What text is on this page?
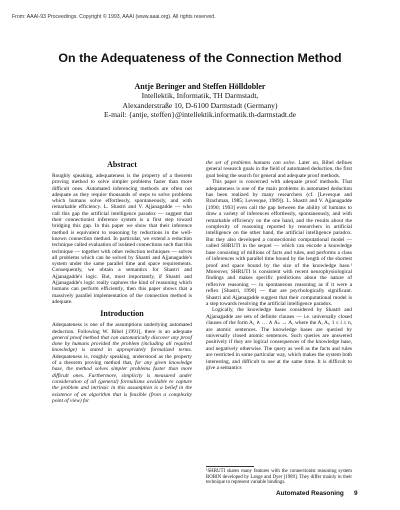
From: AAAI-93 Proceedings. Copyright © 1993, AAAI (www.aaai.org). All rights reserved.
On the Adequateness of the Connection Method
Antje Beringer and Steffen Hölldobler
Intellektik, Informatik, TH Darmstadt,
Alexanderstraße 10, D-6100 Darmstadt (Germany)
E-mail: {antje, steffen}@intellektik.informatik.th-darmstadt.de
Abstract

Roughly speaking, adequateness is the property of a theorem proving method to solve simpler problems faster than more difficult ones. Automated inferencing methods are often not adequate as they require thousands of steps to solve problems which humans solve effortlessly, spontaneously, and with remarkable efficiency. L. Shastri and V. Ajjanagadde — who call this gap the artificial intelligence paradox — suggest that their connectionist inference system is a first step toward bridging this gap. In this paper we show that their inference method is equivalent to reasoning by reductions in the well-known connection method. In particular, we extend a reduction technique called evaluation of isolated connections such that this technique — together with other reduction techniques — solves all problems which can be solved by Shastri and Ajjanagadde's system under the same parallel time and space requirements. Consequently, we obtain a semantics for Shastri and Ajjanagadde's logic. But, most importantly, if Shastri and Ajjanagadde's logic really captures the kind of reasoning which humans can perform efficiently, then this paper shows that a massively parallel implementation of the connection method is adequate.

Introduction

Adequateness is one of the assumptions underlying automated deduction. Following W. Bibel [1991], there is an adequate general proof method that can automatically discover any proof done by humans provided the problem (including all required knowledge) is stated in appropriately formalized terms. Adequateness is, roughly speaking, understood as the property of a theorem proving method that, for any given knowledge base, the method solves simpler problems faster than more difficult ones. Furthermore, simplicity is measured under consideration of all (general) formalisms available to capture the problem and intrinsic in this assumption is a belief in the existence of an algorithm that is feasible (from a complexity point of view) for

the set of problems humans can solve. Later on, Bibel defines general research goals in the field of automated deduction, the first goal being the search for general and adequate proof methods.

This paper is concerned with adequate proof methods. That adequateness is one of the main problems in automated deduction has been realized by many researchers (cf. [Levesque and Brachman, 1985; Levesque, 1989]). L. Shastri and V. Ajjanagadde [1990; 1993] even call the gap between the ability of humans to draw a variety of inferences effortlessly, spontaneously, and with remarkable efficiency on the one hand, and the results about the complexity of reasoning reported by researchers in artificial intelligence on the other hand, the artificial intelligence paradox. But they also developed a connectionist computational model — called SHRUTI in the sequel — which can encode a knowledge base consisting of millions of facts and rules, and performs a class of inferences with parallel time bound by the length of the shortest proof and space bound by the size of the knowledge base.¹ Moreover, SHRUTI is consistent with recent neurophysiological findings and makes specific predictions about the nature of reflexive reasoning — in spontaneous reasoning as if it were a reflex [Shastri, 1990] — that are psychologically significant. Shastri and Ajjanagadde suggest that their computational model is a step towards resolving the artificial intelligence paradox.

Logically, the knowledge bases considered by Shastri and Ajjanagadde are sets of definite clauses — i.e. universally closed clauses of the form A₁ ∧ … ∧ Aₙ → A, where the A, Aᵢ, 1 ≤ i ≤ n, are atomic sentences. The knowledge bases are queried by universally closed atomic sentences. Such queries are answered positively if they are logical consequences of the knowledge base, and negatively otherwise. The query as well as the facts and rules are restricted in some particular way, which makes the system both interesting, and difficult to use at the same time. It is difficult to give a semantics

¹SHRUTI shares many features with the connectionist reasoning system ROBIN developed by Lange and Dyer [1989]. They differ mainly in their technique to represent variable bindings.
Automated Reasoning 9
